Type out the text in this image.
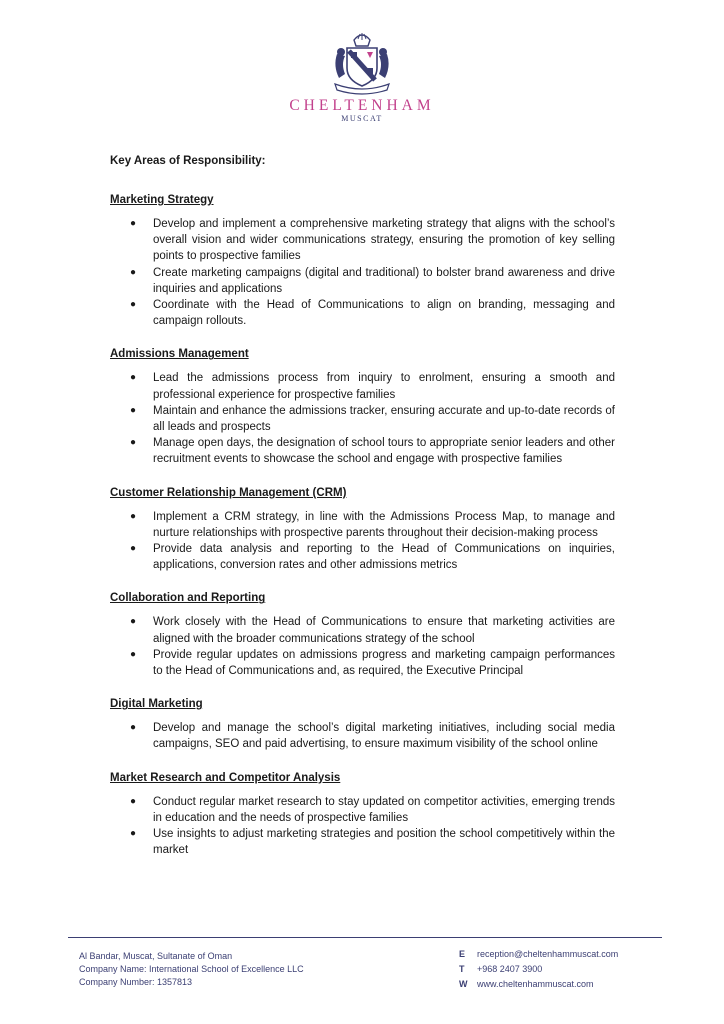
CHELTENHAM
MUSCAT
Key Areas of Responsibility:
Marketing Strategy
● Develop and implement a comprehensive marketing strategy that aligns with the school’s overall vision and wider communications strategy, ensuring the promotion of key selling points to prospective families
● Create marketing campaigns (digital and traditional) to bolster brand awareness and drive inquiries and applications
● Coordinate with the Head of Communications to align on branding, messaging and campaign rollouts.
Admissions Management
● Lead the admissions process from inquiry to enrolment, ensuring a smooth and professional experience for prospective families
● Maintain and enhance the admissions tracker, ensuring accurate and up-to-date records of all leads and prospects
● Manage open days, the designation of school tours to appropriate senior leaders and other recruitment events to showcase the school and engage with prospective families
Customer Relationship Management (CRM)
● Implement a CRM strategy, in line with the Admissions Process Map, to manage and nurture relationships with prospective parents throughout their decision-making process
● Provide data analysis and reporting to the Head of Communications on inquiries, applications, conversion rates and other admissions metrics
Collaboration and Reporting
● Work closely with the Head of Communications to ensure that marketing activities are aligned with the broader communications strategy of the school
● Provide regular updates on admissions progress and marketing campaign performances to the Head of Communications and, as required, the Executive Principal
Digital Marketing
● Develop and manage the school’s digital marketing initiatives, including social media campaigns, SEO and paid advertising, to ensure maximum visibility of the school online
Market Research and Competitor Analysis
● Conduct regular market research to stay updated on competitor activities, emerging trends in education and the needs of prospective families
● Use insights to adjust marketing strategies and position the school competitively within the market
Al Bandar, Muscat, Sultanate of Oman
Company Name: International School of Excellence LLC
Company Number: 1357813
E reception@cheltenhammuscat.com
T +968 2407 3900
W www.cheltenhammuscat.com
